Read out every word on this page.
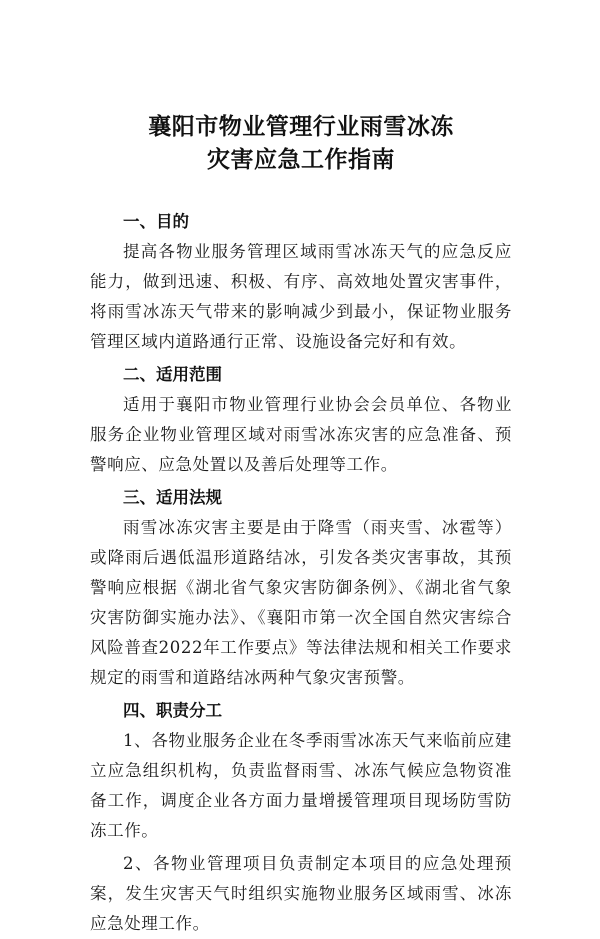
襄阳市物业管理行业雨雪冰冻
灾害应急工作指南
一、目的

提高各物业服务管理区域雨雪冰冻天气的应急反应能力，做到迅速、积极、有序、高效地处置灾害事件，将雨雪冰冻天气带来的影响减少到最小，保证物业服务管理区域内道路通行正常、设施设备完好和有效。

二、适用范围

适用于襄阳市物业管理行业协会会员单位、各物业服务企业物业管理区域对雨雪冰冻灾害的应急准备、预警响应、应急处置以及善后处理等工作。

三、适用法规

雨雪冰冻灾害主要是由于降雪（雨夹雪、冰雹等）或降雨后遇低温形道路结冰，引发各类灾害事故，其预警响应根据《湖北省气象灾害防御条例》、《湖北省气象灾害防御实施办法》、《襄阳市第一次全国自然灾害综合风险普查2022年工作要点》等法律法规和相关工作要求规定的雨雪和道路结冰两种气象灾害预警。

四、职责分工

1、各物业服务企业在冬季雨雪冰冻天气来临前应建立应急组织机构，负责监督雨雪、冰冻气候应急物资准备工作，调度企业各方面力量增援管理项目现场防雪防冻工作。

2、各物业管理项目负责制定本项目的应急处理预案，发生灾害天气时组织实施物业服务区域雨雪、冰冻应急处理工作。
